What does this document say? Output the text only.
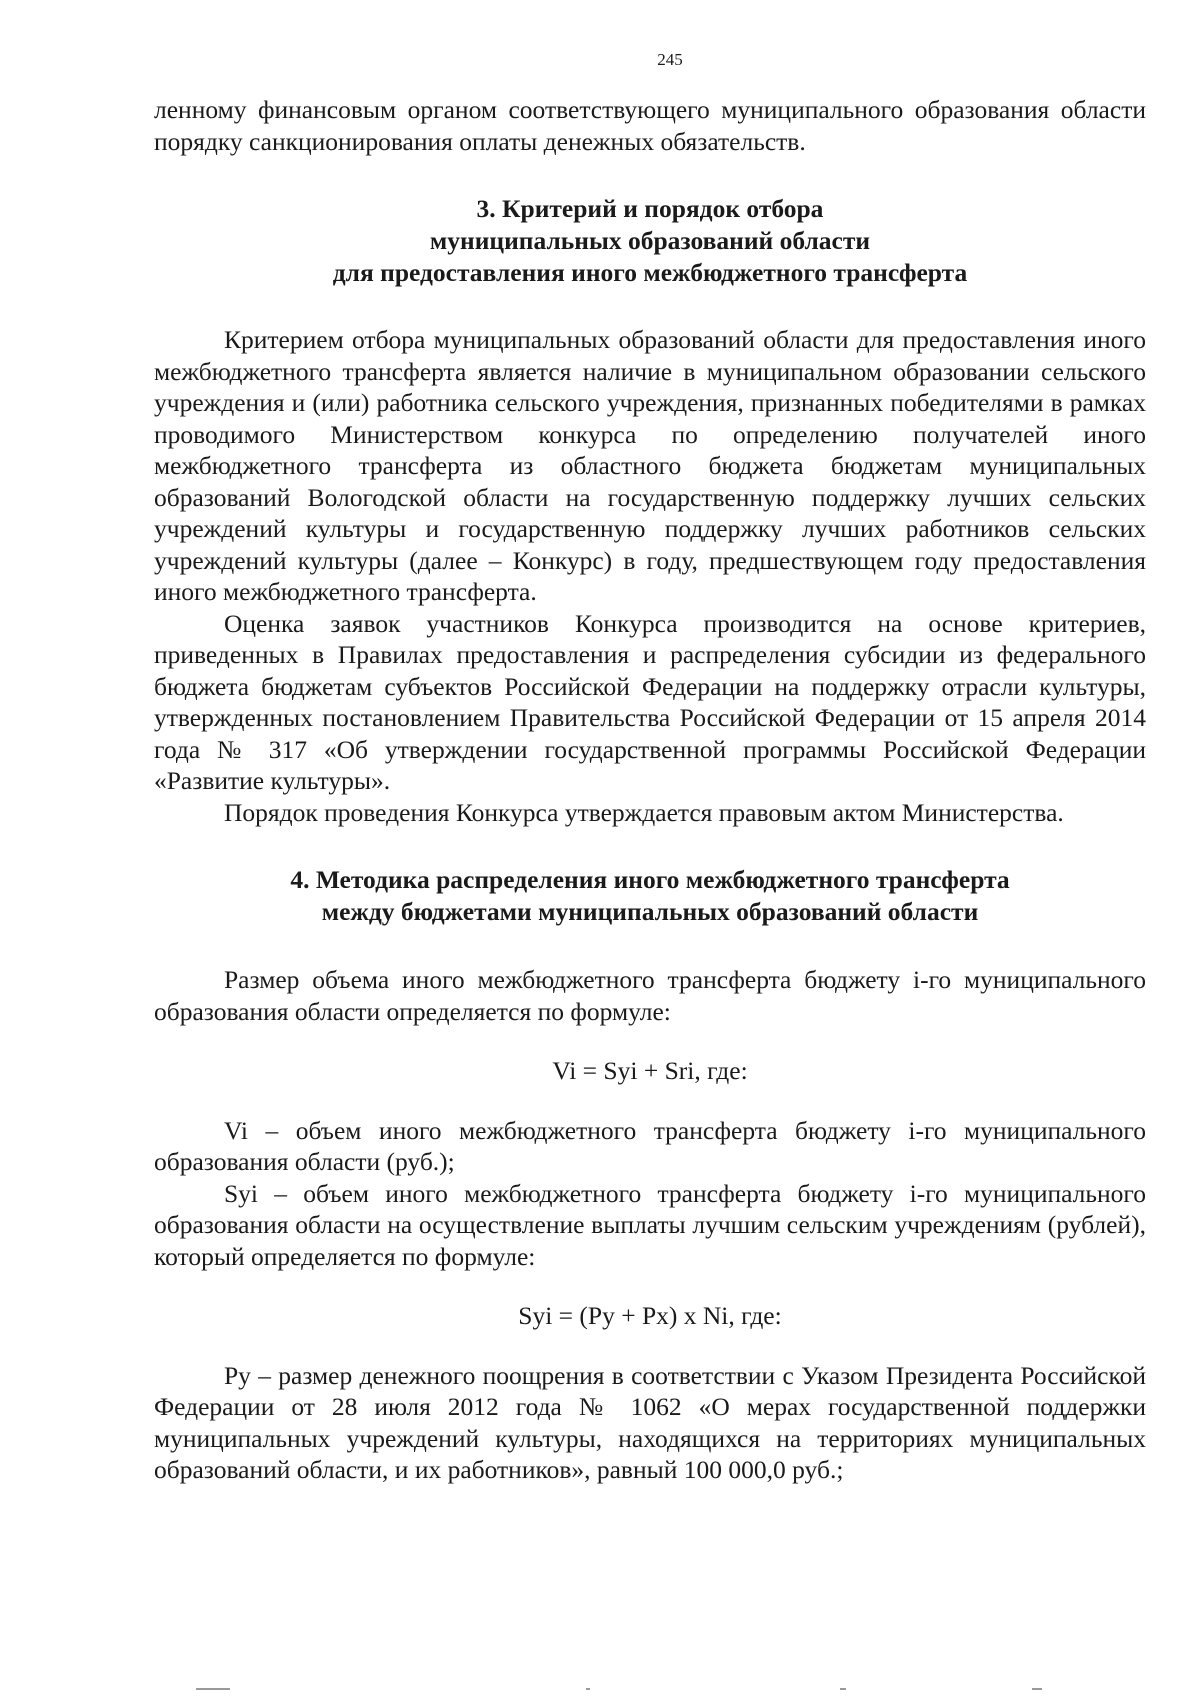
245

ленному финансовым органом соответствующего муниципального образования области порядку санкционирования оплаты денежных обязательств.

3. Критерий и порядок отбора

муниципальных образований области

для предоставления иного межбюджетного трансферта

Критерием отбора муниципальных образований области для предоставления иного межбюджетного трансферта является наличие в муниципальном образовании сельского учреждения и (или) работника сельского учреждения, признанных победителями в рамках проводимого Министерством конкурса по определению получателей иного межбюджетного трансферта из областного бюджета бюджетам муниципальных образований Вологодской области на государственную поддержку лучших сельских учреждений культуры и государственную поддержку лучших работников сельских учреждений культуры (далее – Конкурс) в году, предшествующем году предоставления иного межбюджетного трансферта.

Оценка заявок участников Конкурса производится на основе критериев, приведенных в Правилах предоставления и распределения субсидии из федерального бюджета бюджетам субъектов Российской Федерации на поддержку отрасли культуры, утвержденных постановлением Правительства Российской Федерации от 15 апреля 2014 года № 317 «Об утверждении государственной программы Российской Федерации «Развитие культуры».

Порядок проведения Конкурса утверждается правовым актом Министерства.

4. Методика распределения иного межбюджетного трансферта

между бюджетами муниципальных образований области

Размер объема иного межбюджетного трансферта бюджету i-го муниципального образования области определяется по формуле:

Vi = Syi + Sri, где:

Vi – объем иного межбюджетного трансферта бюджету i-го муниципального образования области (руб.);

Syi – объем иного межбюджетного трансферта бюджету i-го муниципального образования области на осуществление выплаты лучшим сельским учреждениям (рублей), который определяется по формуле:

Syi = (Py + Px) x Ni, где:

Py – размер денежного поощрения в соответствии с Указом Президента Российской Федерации от 28 июля 2012 года № 1062 «О мерах государственной поддержки муниципальных учреждений культуры, находящихся на территориях муниципальных образований области, и их работников», равный 100 000,0 руб.;
